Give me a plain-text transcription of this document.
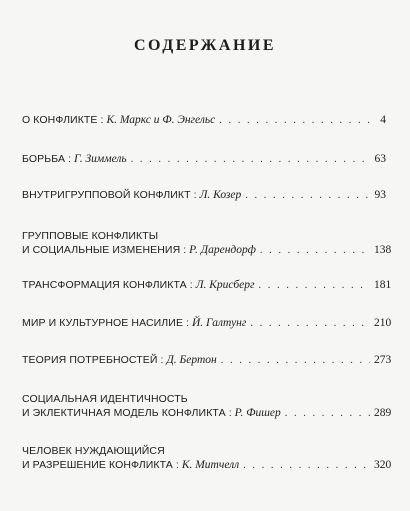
СОДЕРЖАНИЕ
О КОНФЛИКТЕ : К. Маркс и Ф. Энгельс . . .	4
БОРЬБА : Г. Зиммель . . .	63
ВНУТРИГРУППОВОЙ КОНФЛИКТ : Л. Козер . . .	93
ГРУППОВЫЕ КОНФЛИКТЫ
И СОЦИАЛЬНЫЕ ИЗМЕНЕНИЯ : Р. Дарендорф . . .	138
ТРАНСФОРМАЦИЯ КОНФЛИКТА : Л. Крисберг . . .	181
МИР И КУЛЬТУРНОЕ НАСИЛИЕ : Й. Галтунг . . .	210
ТЕОРИЯ ПОТРЕБНОСТЕЙ : Д. Бертон . . .	273
СОЦИАЛЬНАЯ ИДЕНТИЧНОСТЬ
И ЭКЛЕКТИЧНАЯ МОДЕЛЬ КОНФЛИКТА : Р. Фишер . . .	289
ЧЕЛОВЕК НУЖДАЮЩИЙСЯ
И РАЗРЕШЕНИЕ КОНФЛИКТА : К. Митчелл . . .	320
